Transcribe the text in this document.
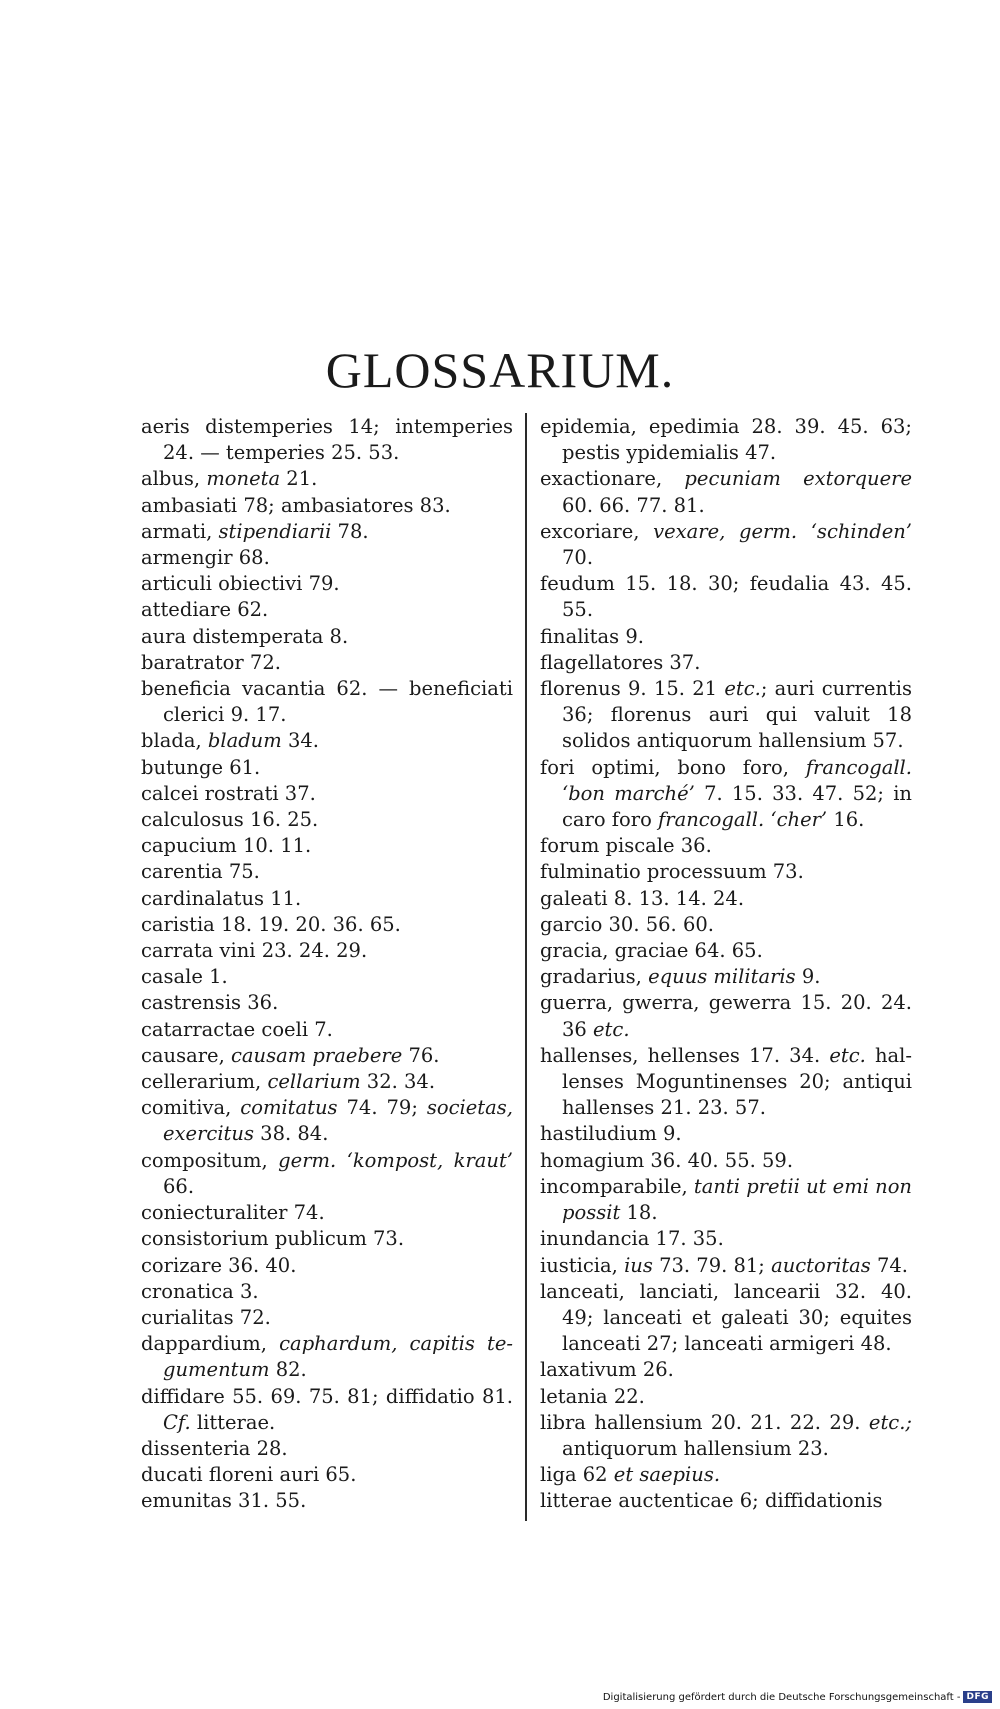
GLOSSARIUM.

aeris distemperies 14; intemperies 24. — temperies 25. 53.

albus, moneta 21.

ambasiati 78; ambasiatores 83.

armati, stipendiarii 78.

armengir 68.

articuli obiectivi 79.

attediare 62.

aura distemperata 8.

baratrator 72.

beneficia vacantia 62. — beneficiati clerici 9. 17.

blada, bladum 34.

butunge 61.

calcei rostrati 37.

calculosus 16. 25.

capucium 10. 11.

carentia 75.

cardinalatus 11.

caristia 18. 19. 20. 36. 65.

carrata vini 23. 24. 29.

casale 1.

castrensis 36.

catarractae coeli 7.

causare, causam praebere 76.

cellerarium, cellarium 32. 34.

comitiva, comitatus 74. 79; societas, exercitus 38. 84.

compositum, germ. ‘kompost, kraut’ 66.

coniecturaliter 74.

consistorium publicum 73.

corizare 36. 40.

cronatica 3.

curialitas 72.

dappardium, caphardum, capitis tegumentum 82.

diffidare 55. 69. 75. 81; diffidatio 81. Cf. litterae.

dissenteria 28.

ducati floreni auri 65.

emunitas 31. 55.

epidemia, epedimia 28. 39. 45. 63; pestis ypidemialis 47.

exactionare, pecuniam extorquere 60. 66. 77. 81.

excoriare, vexare, germ. ‘schinden’ 70.

feudum 15. 18. 30; feudalia 43. 45. 55.

finalitas 9.

flagellatores 37.

florenus 9. 15. 21 etc.; auri currentis 36; florenus auri qui valuit 18 solidos antiquorum hallensium 57.

fori optimi, bono foro, francogall. ‘bon marché’ 7. 15. 33. 47. 52; in caro foro francogall. ‘cher’ 16.

forum piscale 36.

fulminatio processuum 73.

galeati 8. 13. 14. 24.

garcio 30. 56. 60.

gracia, graciae 64. 65.

gradarius, equus militaris 9.

guerra, gwerra, gewerra 15. 20. 24. 36 etc.

hallenses, hellenses 17. 34. etc. hallenses Moguntinenses 20; antiqui hallenses 21. 23. 57.

hastiludium 9.

homagium 36. 40. 55. 59.

incomparabile, tanti pretii ut emi non possit 18.

inundancia 17. 35.

iusticia, ius 73. 79. 81; auctoritas 74.

lanceati, lanciati, lancearii 32. 40. 49; lanceati et galeati 30; equites lanceati 27; lanceati armigeri 48.

laxativum 26.

letania 22.

libra hallensium 20. 21. 22. 29. etc.; antiquorum hallensium 23.

liga 62 et saepius.

litterae auctenticae 6; diffidationis

Digitalisierung gefördert durch die Deutsche Forschungsgemeinschaft - DFG
